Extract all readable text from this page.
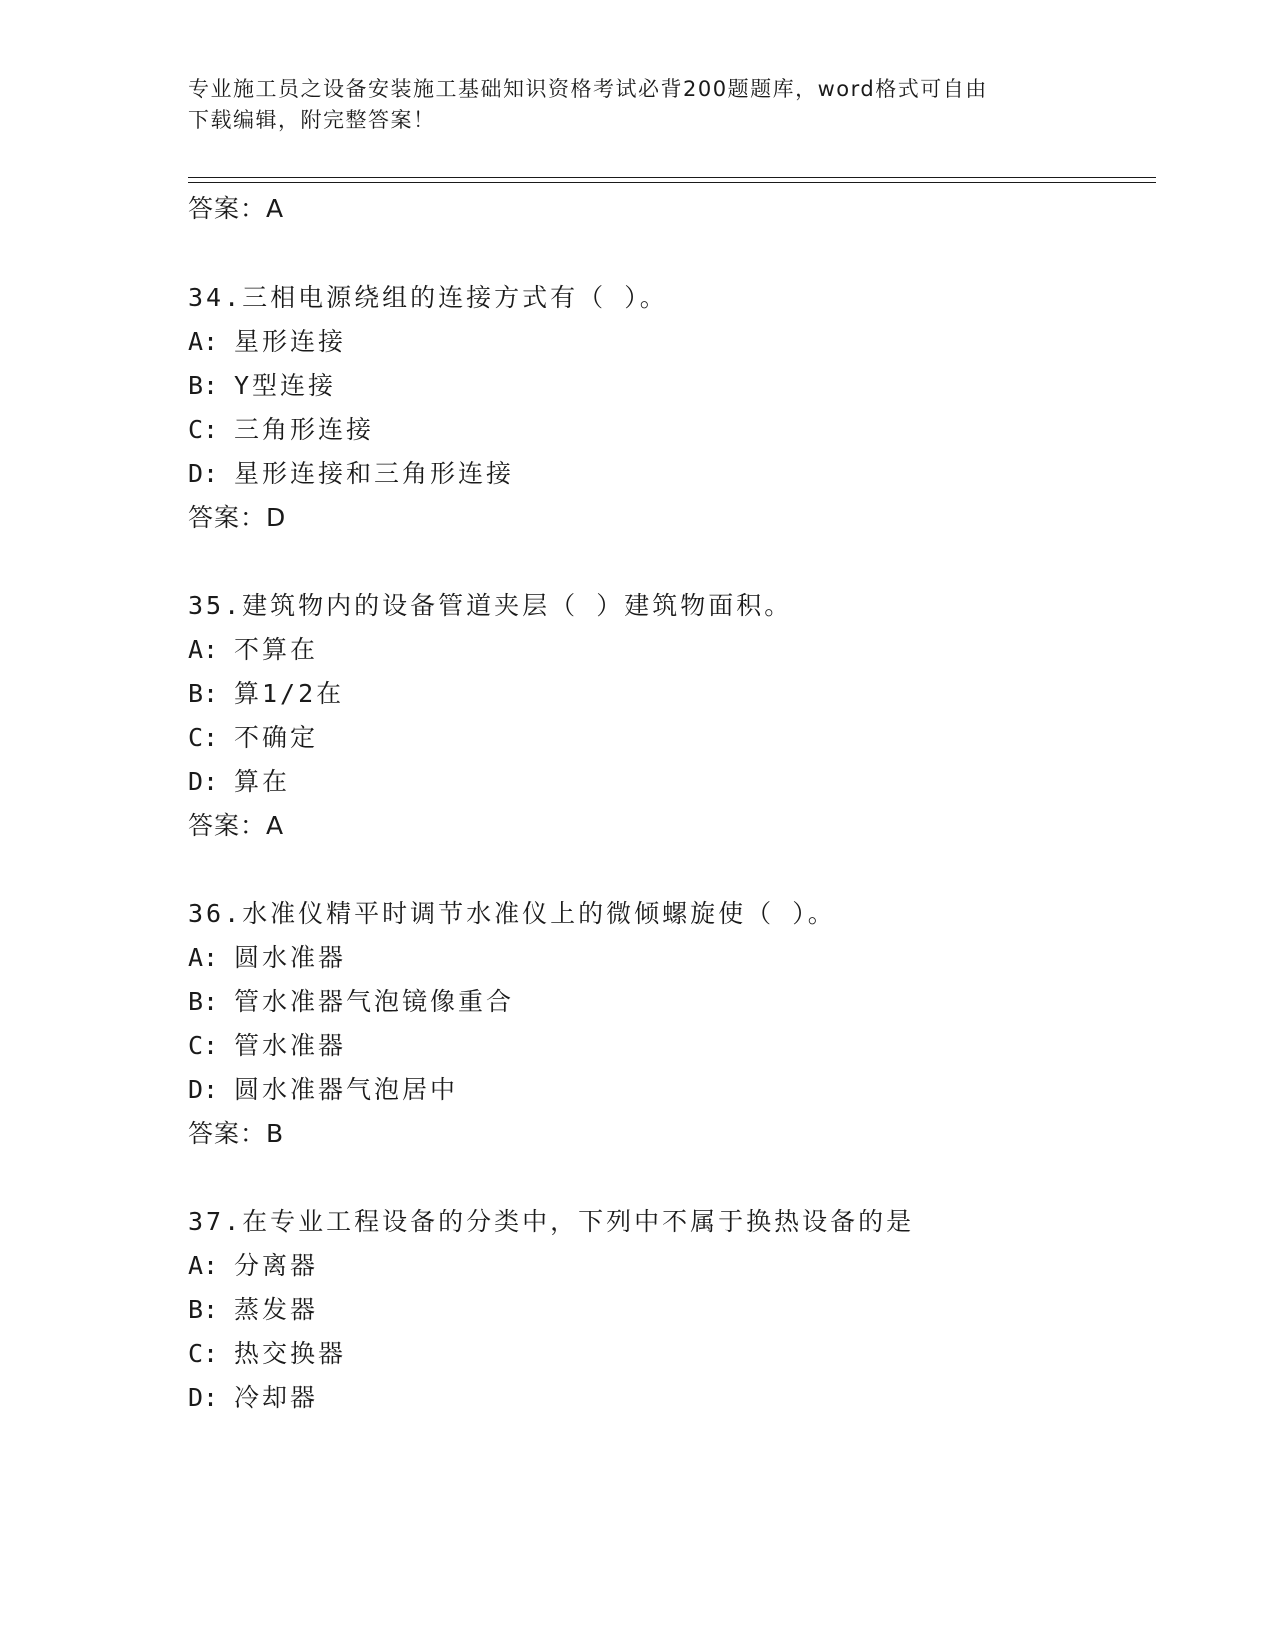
专业施工员之设备安装施工基础知识资格考试必背200题题库，word格式可自由
下载编辑，附完整答案！
答案：A
34.三相电源绕组的连接方式有（ ）。
A: 星形连接
B: Y型连接
C: 三角形连接
D: 星形连接和三角形连接
答案：D
35.建筑物内的设备管道夹层（ ）建筑物面积。
A: 不算在
B: 算1/2在
C: 不确定
D: 算在
答案：A
36.水准仪精平时调节水准仪上的微倾螺旋使（ ）。
A: 圆水准器
B: 管水准器气泡镜像重合
C: 管水准器
D: 圆水准器气泡居中
答案：B
37.在专业工程设备的分类中，下列中不属于换热设备的是
A: 分离器
B: 蒸发器
C: 热交换器
D: 冷却器
